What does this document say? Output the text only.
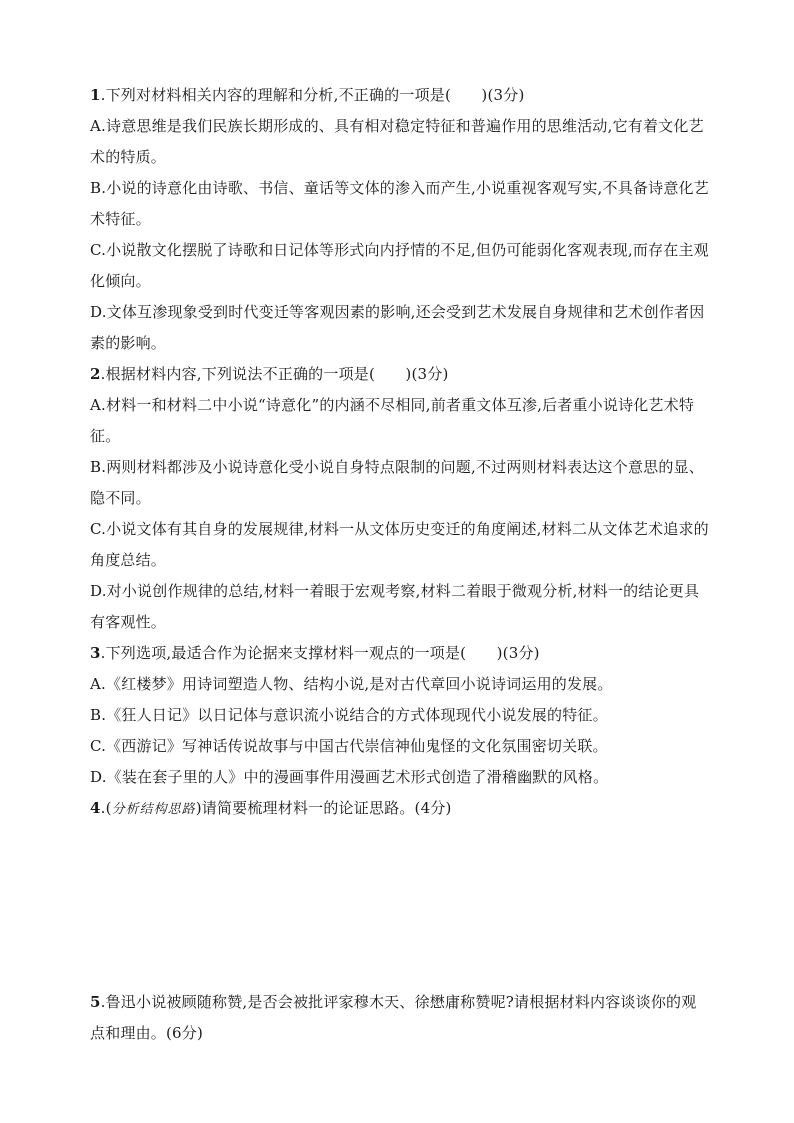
1.下列对材料相关内容的理解和分析,不正确的一项是(　　)(3分)

A.诗意思维是我们民族长期形成的、具有相对稳定特征和普遍作用的思维活动,它有着文化艺术的特质。

B.小说的诗意化由诗歌、书信、童话等文体的渗入而产生,小说重视客观写实,不具备诗意化艺术特征。

C.小说散文化摆脱了诗歌和日记体等形式向内抒情的不足,但仍可能弱化客观表现,而存在主观化倾向。

D.文体互渗现象受到时代变迁等客观因素的影响,还会受到艺术发展自身规律和艺术创作者因素的影响。

2.根据材料内容,下列说法不正确的一项是(　　)(3分)

A.材料一和材料二中小说“诗意化”的内涵不尽相同,前者重文体互渗,后者重小说诗化艺术特征。

B.两则材料都涉及小说诗意化受小说自身特点限制的问题,不过两则材料表达这个意思的显、隐不同。

C.小说文体有其自身的发展规律,材料一从文体历史变迁的角度阐述,材料二从文体艺术追求的角度总结。

D.对小说创作规律的总结,材料一着眼于宏观考察,材料二着眼于微观分析,材料一的结论更具有客观性。

3.下列选项,最适合作为论据来支撑材料一观点的一项是(　　)(3分)

A.《红楼梦》用诗词塑造人物、结构小说,是对古代章回小说诗词运用的发展。

B.《狂人日记》以日记体与意识流小说结合的方式体现现代小说发展的特征。

C.《西游记》写神话传说故事与中国古代崇信神仙鬼怪的文化氛围密切关联。

D.《装在套子里的人》中的漫画事件用漫画艺术形式创造了滑稽幽默的风格。

4.(分析结构思路)请简要梳理材料一的论证思路。(4分)

5.鲁迅小说被顾随称赞,是否会被批评家穆木天、徐懋庸称赞呢?请根据材料内容谈谈你的观点和理由。(6分)
